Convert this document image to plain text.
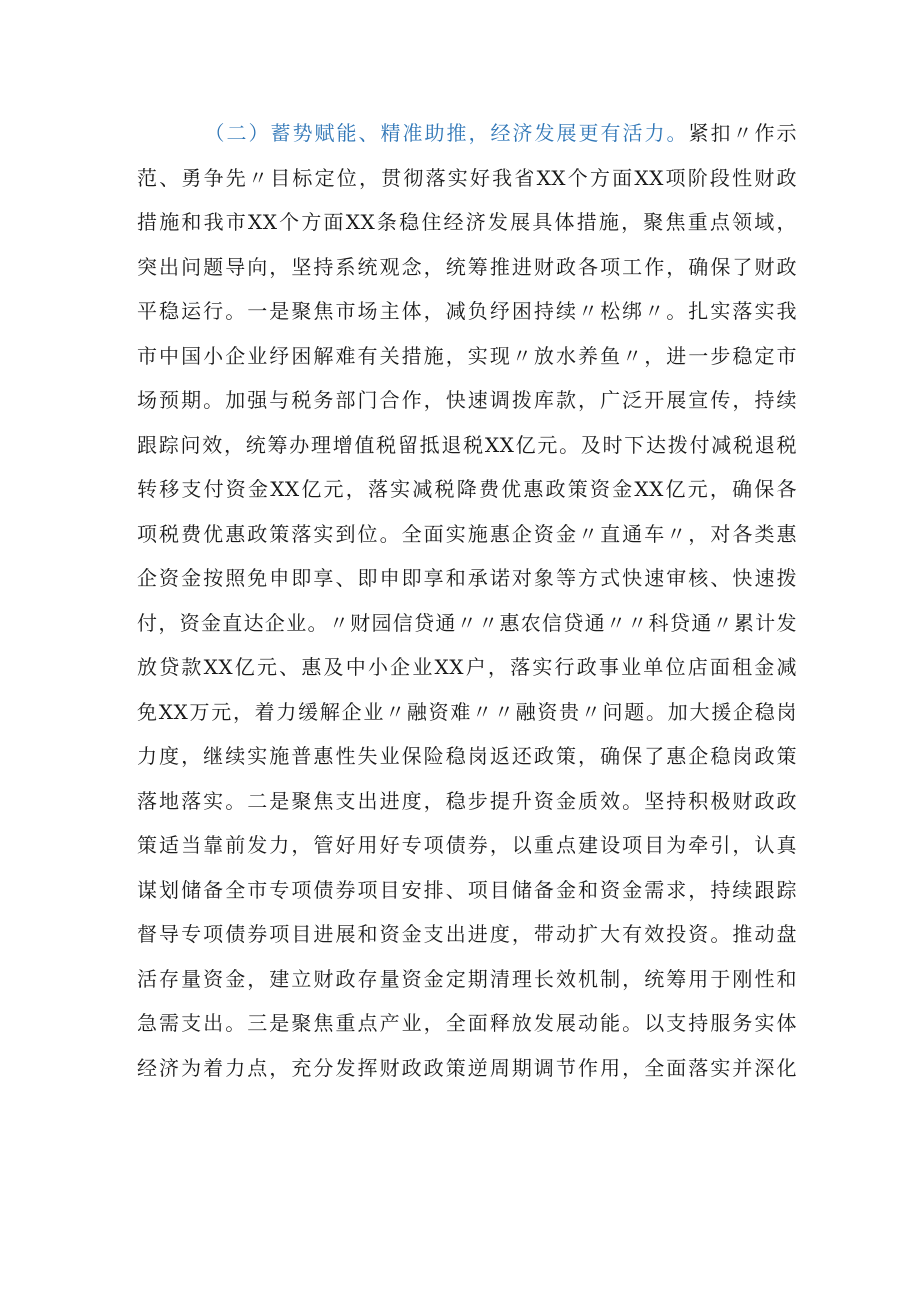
（二）蓄势赋能、精准助推，经济发展更有活力。紧扣〃作示
范、勇争先〃目标定位，贯彻落实好我省XX个方面XX项阶段性财政
措施和我市XX个方面XX条稳住经济发展具体措施，聚焦重点领域，
突出问题导向，坚持系统观念，统筹推进财政各项工作，确保了财政
平稳运行。一是聚焦市场主体，减负纾困持续〃松绑〃。扎实落实我
市中国小企业纾困解难有关措施，实现〃放水养鱼〃，进一步稳定市
场预期。加强与税务部门合作，快速调拨库款，广泛开展宣传，持续
跟踪问效，统筹办理增值税留抵退税XX亿元。及时下达拨付减税退税
转移支付资金XX亿元，落实减税降费优惠政策资金XX亿元，确保各
项税费优惠政策落实到位。全面实施惠企资金〃直通车〃，对各类惠
企资金按照免申即享、即申即享和承诺对象等方式快速审核、快速拨
付，资金直达企业。〃财园信贷通〃〃惠农信贷通〃〃科贷通〃累计发
放贷款XX亿元、惠及中小企业XX户，落实行政事业单位店面租金减
免XX万元，着力缓解企业〃融资难〃〃融资贵〃问题。加大援企稳岗
力度，继续实施普惠性失业保险稳岗返还政策，确保了惠企稳岗政策
落地落实。二是聚焦支出进度，稳步提升资金质效。坚持积极财政政
策适当靠前发力，管好用好专项债券，以重点建设项目为牵引，认真
谋划储备全市专项债券项目安排、项目储备金和资金需求，持续跟踪
督导专项债券项目进展和资金支出进度，带动扩大有效投资。推动盘
活存量资金，建立财政存量资金定期清理长效机制，统筹用于刚性和
急需支出。三是聚焦重点产业，全面释放发展动能。以支持服务实体
经济为着力点，充分发挥财政政策逆周期调节作用，全面落实并深化
